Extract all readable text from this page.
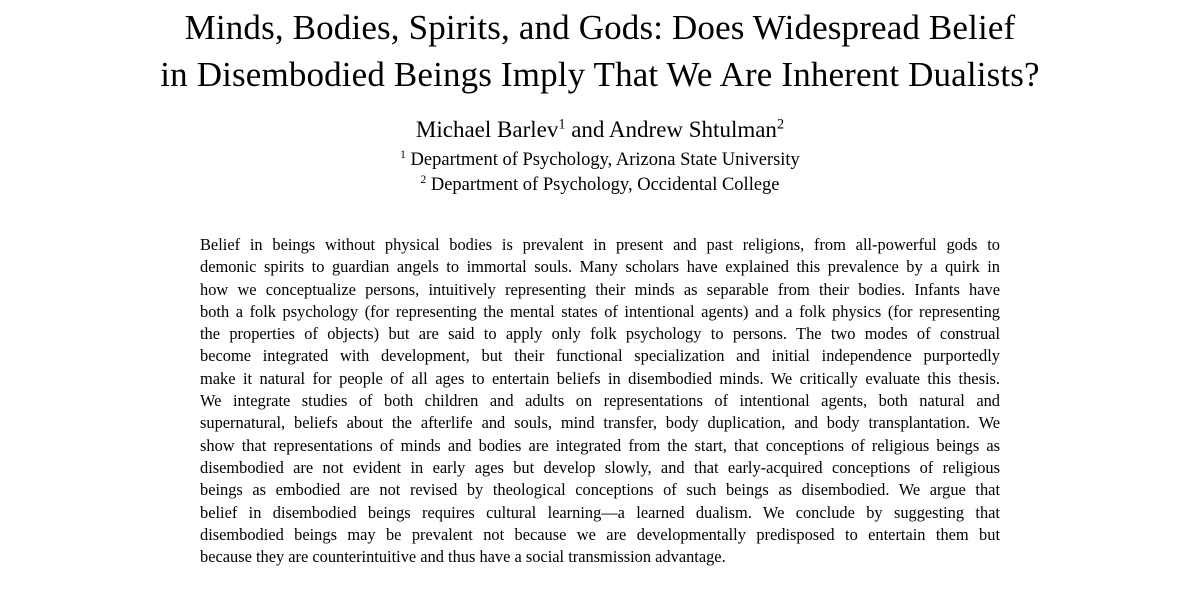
Minds, Bodies, Spirits, and Gods: Does Widespread Belief
in Disembodied Beings Imply That We Are Inherent Dualists?
Michael Barlev$^1$ and Andrew Shtulman$^2$
$^1$ Department of Psychology, Arizona State University
$^2$ Department of Psychology, Occidental College
Belief in beings without physical bodies is prevalent in present and past religions, from all-powerful gods to
demonic spirits to guardian angels to immortal souls. Many scholars have explained this prevalence by a quirk in
how we conceptualize persons, intuitively representing their minds as separable from their bodies. Infants have
both a folk psychology (for representing the mental states of intentional agents) and a folk physics (for representing
the properties of objects) but are said to apply only folk psychology to persons. The two modes of construal
become integrated with development, but their functional specialization and initial independence purportedly
make it natural for people of all ages to entertain beliefs in disembodied minds. We critically evaluate this thesis.
We integrate studies of both children and adults on representations of intentional agents, both natural and
supernatural, beliefs about the afterlife and souls, mind transfer, body duplication, and body transplantation. We
show that representations of minds and bodies are integrated from the start, that conceptions of religious beings as
disembodied are not evident in early ages but develop slowly, and that early-acquired conceptions of religious
beings as embodied are not revised by theological conceptions of such beings as disembodied. We argue that
belief in disembodied beings requires cultural learning—a learned dualism. We conclude by suggesting that
disembodied beings may be prevalent not because we are developmentally predisposed to entertain them but
because they are counterintuitive and thus have a social transmission advantage.
